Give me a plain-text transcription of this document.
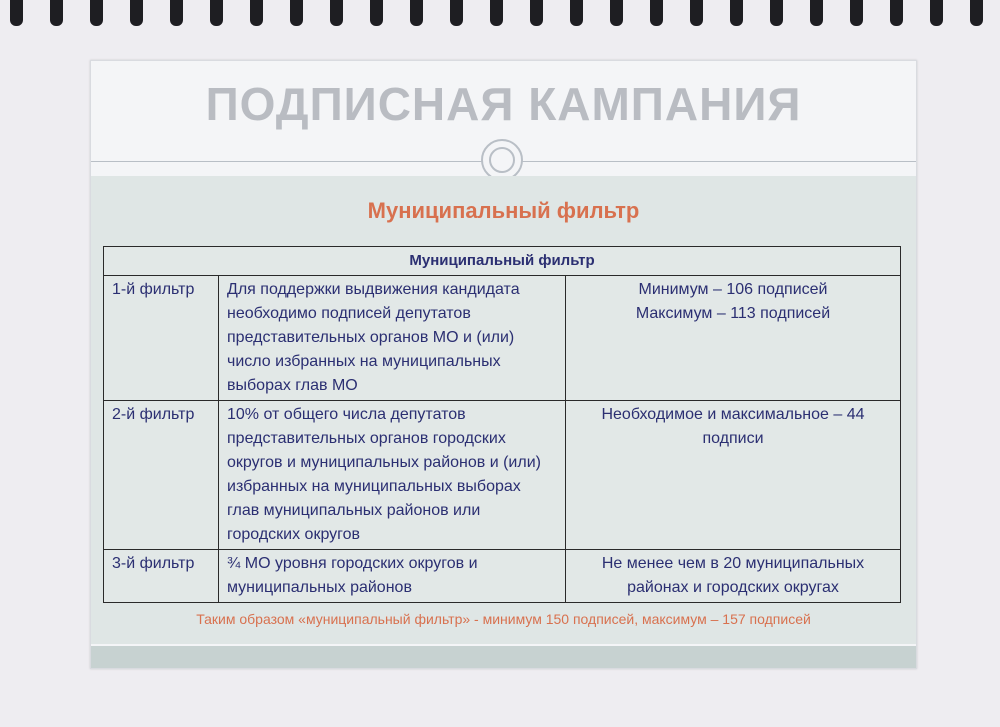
ПОДПИСНАЯ КАМПАНИЯ
Муниципальный фильтр
Муниципальный фильтр		
1-й фильтр	Для поддержки выдвижения кандидата необходимо подписей депутатов представительных органов МО и (или) число избранных на муниципальных выборах глав МО	Минимум – 106 подписей
Максимум – 113 подписей

2-й фильтр	10% от общего числа депутатов представительных органов городских округов и муниципальных районов и (или) избранных на муниципальных выборах глав муниципальных районов или городских округов	Необходимое и максимальное – 44
подписи

3-й фильтр	¾ МО уровня городских округов и муниципальных районов	Не менее чем в 20 муниципальных
районах и городских округах
Таким образом «муниципальный фильтр» - минимум 150 подписей, максимум – 157 подписей
